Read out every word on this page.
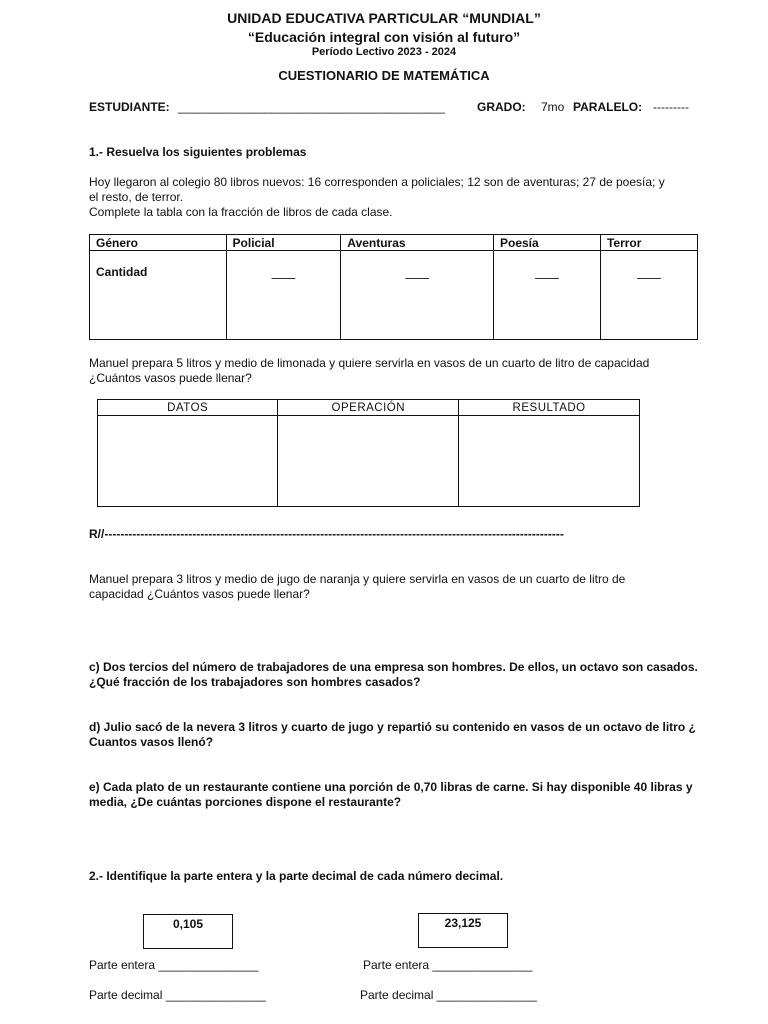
UNIDAD EDUCATIVA PARTICULAR “MUNDIAL”
“Educación integral con visión al futuro”
Período Lectivo 2023 - 2024
CUESTIONARIO DE MATEMÁTICA
ESTUDIANTE: ________________________________________	GRADO: 7mo PARALELO: ---------
1.- Resuelva los siguientes problemas
Hoy llegaron al colegio 80 libros nuevos: 16 corresponden a policiales; 12 son de aventuras; 27 de poesía; y
el resto, de terror.
Complete la tabla con la fracción de libros de cada clase.
Género	Policial	Aventuras	Poesía	Terror
Cantidad	___	___	___	___
Manuel prepara 5 litros y medio de limonada y quiere servirla en vasos de un cuarto de litro de capacidad
¿Cuántos vasos puede llenar?
DATOS	OPERACIÓN	RESULTADO

R//-------------------------------------------------------------------------------------------------------------------
Manuel prepara 3 litros y medio de jugo de naranja y quiere servirla en vasos de un cuarto de litro de
capacidad ¿Cuántos vasos puede llenar?
c) Dos tercios del número de trabajadores de una empresa son hombres. De ellos, un octavo son casados. ¿Qué fracción de los trabajadores son hombres casados?
d) Julio sacó de la nevera 3 litros y cuarto de jugo y repartió su contenido en vasos de un octavo de litro ¿ Cuantos vasos llenó?
e) Cada plato de un restaurante contiene una porción de 0,70 libras de carne. Si hay disponible 40 libras y media, ¿De cuántas porciones dispone el restaurante?
2.- Identifique la parte entera y la parte decimal de cada número decimal.
0,105	23,125
Parte entera _______________	Parte entera _______________
Parte decimal _______________	Parte decimal _______________
